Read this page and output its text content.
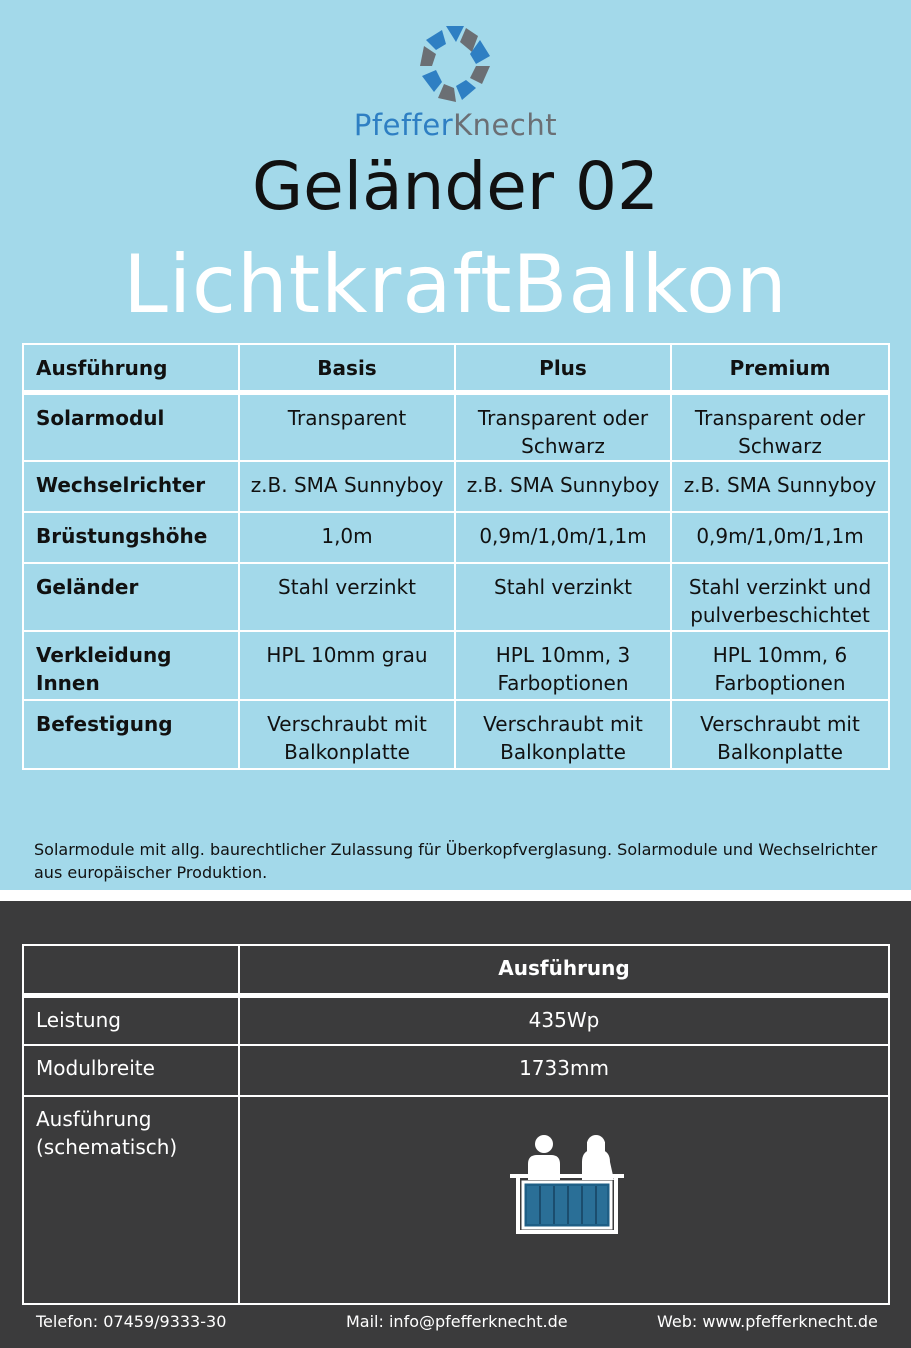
PfefferKnecht
Geländer 02
LichtkraftBalkon
Ausführung	Basis	Plus	Premium
Solarmodul	Transparent	Transparent oder Schwarz	Transparent oder Schwarz
Wechselrichter	z.B. SMA Sunnyboy	z.B. SMA Sunnyboy	z.B. SMA Sunnyboy
Brüstungshöhe	1,0m	0,9m/1,0m/1,1m	0,9m/1,0m/1,1m
Geländer	Stahl verzinkt	Stahl verzinkt	Stahl verzinkt und pulverbeschichtet
Verkleidung Innen	HPL 10mm grau	HPL 10mm, 3 Farboptionen	HPL 10mm, 6 Farboptionen
Befestigung	Verschraubt mit Balkonplatte	Verschraubt mit Balkonplatte	Verschraubt mit Balkonplatte
Solarmodule mit allg. baurechtlicher Zulassung für Überkopfverglasung. Solarmodule und Wechselrichter aus europäischer Produktion.
	Ausführung
Leistung	435Wp
Modulbreite	1733mm
Ausführung (schematisch)	
Telefon: 07459/9333-30	Mail: info@pfefferknecht.de	Web: www.pfefferknecht.de
